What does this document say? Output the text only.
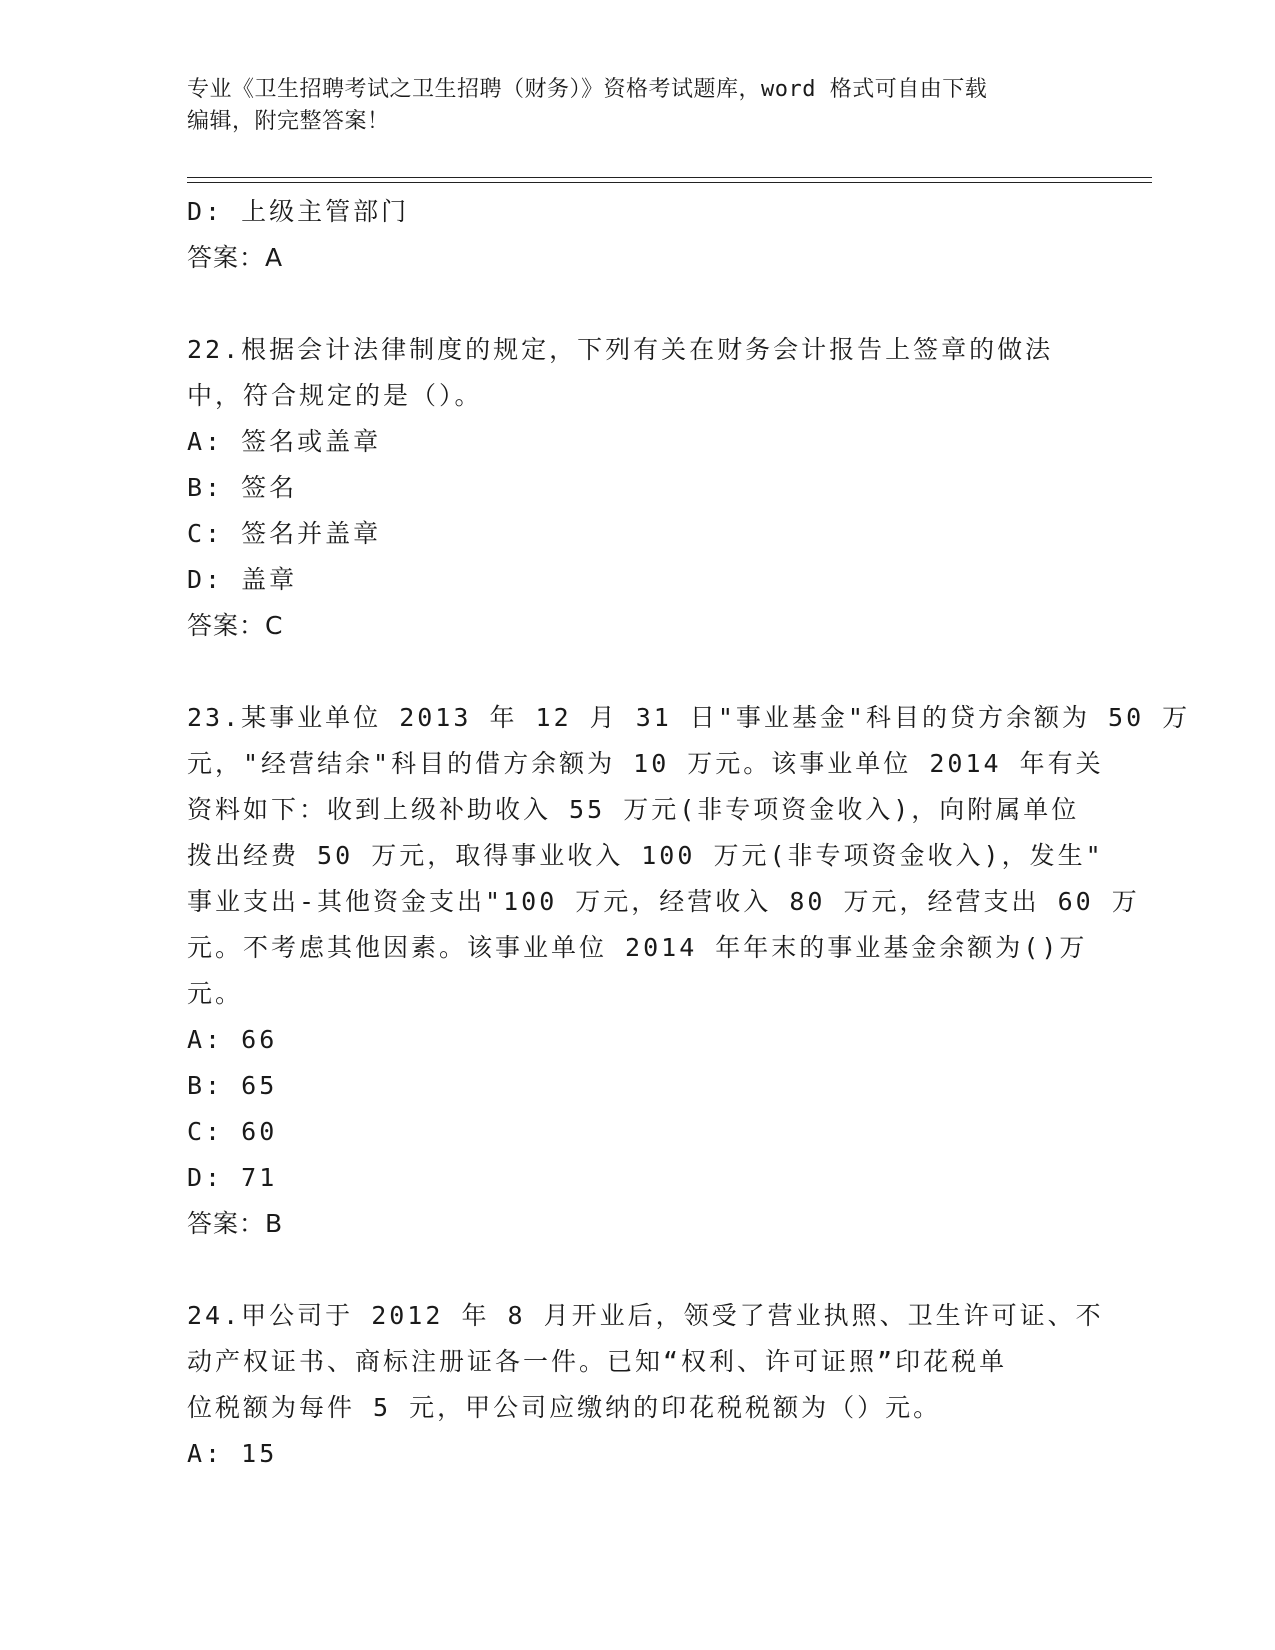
专业《卫生招聘考试之卫生招聘（财务）》资格考试题库，word 格式可自由下载
编辑，附完整答案！
D: 上级主管部门
答案：A
22.根据会计法律制度的规定，下列有关在财务会计报告上签章的做法
中，符合规定的是（）。
A: 签名或盖章
B: 签名
C: 签名并盖章
D: 盖章
答案：C
23.某事业单位 2013 年 12 月 31 日"事业基金"科目的贷方余额为 50 万
元，"经营结余"科目的借方余额为 10 万元。该事业单位 2014 年有关
资料如下：收到上级补助收入 55 万元(非专项资金收入)，向附属单位
拨出经费 50 万元，取得事业收入 100 万元(非专项资金收入)，发生"
事业支出-其他资金支出"100 万元，经营收入 80 万元，经营支出 60 万
元。不考虑其他因素。该事业单位 2014 年年末的事业基金余额为()万
元。
A: 66
B: 65
C: 60
D: 71
答案：B
24.甲公司于 2012 年 8 月开业后，领受了营业执照、卫生许可证、不
动产权证书、商标注册证各一件。已知“权利、许可证照”印花税单
位税额为每件 5 元，甲公司应缴纳的印花税税额为（）元。
A: 15
